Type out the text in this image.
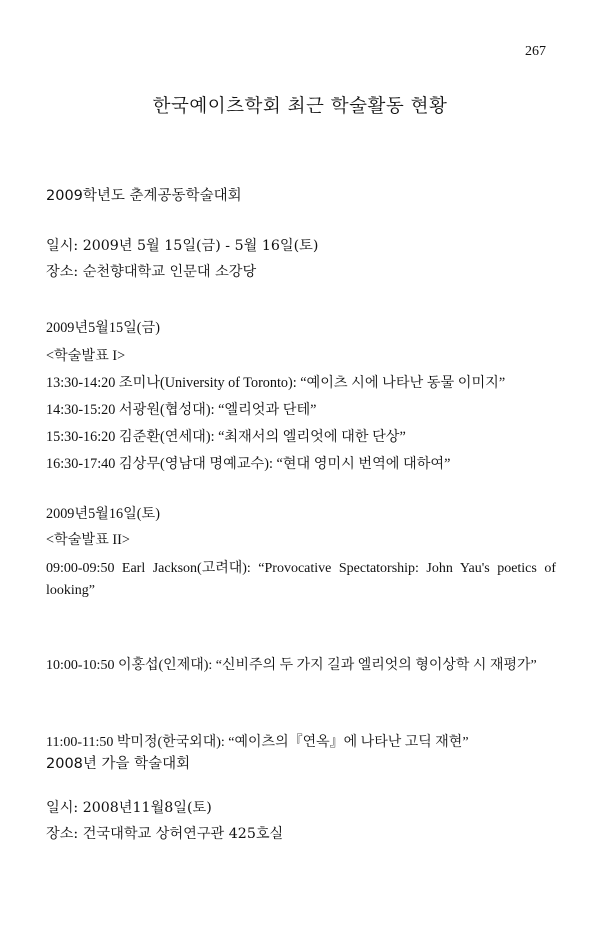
267
한국예이츠학회 최근 학술활동 현황
2009학년도 춘계공동학술대회
일시: 2009년 5월 15일(금) - 5월 16일(토)
장소: 순천향대학교 인문대 소강당
2009년5월15일(금)
<학술발표 I>
13:30-14:20 조미나(University of Toronto): “예이츠 시에 나타난 동물 이미지”
14:30-15:20 서광원(협성대): “엘리엇과 단테”
15:30-16:20 김준환(연세대): “최재서의 엘리엇에 대한 단상”
16:30-17:40 김상무(영남대 명예교수): “현대 영미시 번역에 대하여”
2009년5월16일(토)
<학술발표 II>
09:00-09:50 Earl Jackson(고려대): “Provocative Spectatorship: John Yau's poetics of looking”
10:00-10:50 이홍섭(인제대): “신비주의 두 가지 길과 엘리엇의 형이상학 시 재평가”
11:00-11:50 박미정(한국외대): “예이츠의『연옥』에 나타난 고딕 재현”
2008년 가을 학술대회
일시: 2008년11월8일(토)
장소: 건국대학교 상허연구관 425호실
